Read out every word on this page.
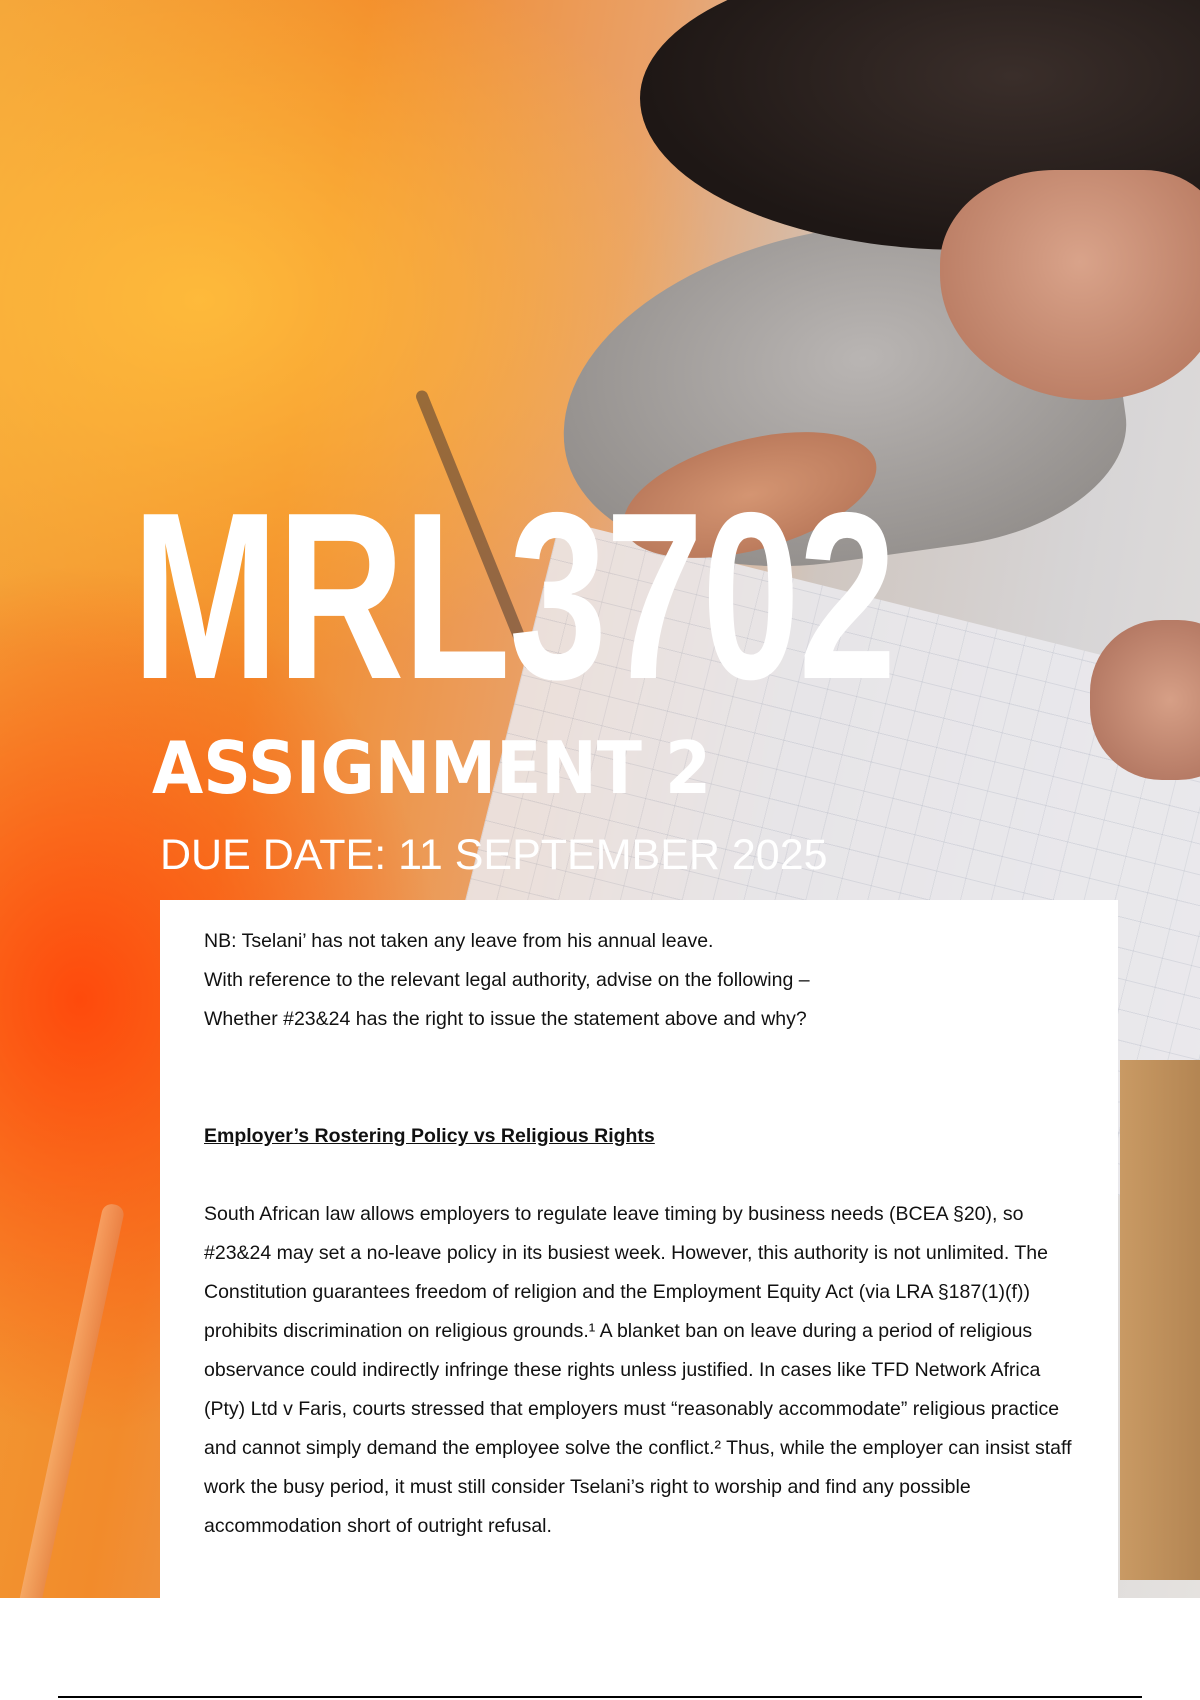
MRL3702
ASSIGNMENT 2
DUE DATE: 11 SEPTEMBER 2025

NB: Tselani’ has not taken any leave from his annual leave.

With reference to the relevant legal authority, advise on the following –

Whether #23&24 has the right to issue the statement above and why?

Employer’s Rostering Policy vs Religious Rights

South African law allows employers to regulate leave timing by business needs (BCEA §20), so #23&24 may set a no-leave policy in its busiest week. However, this authority is not unlimited. The Constitution guarantees freedom of religion and the Employment Equity Act (via LRA §187(1)(f)) prohibits discrimination on religious grounds.¹ A blanket ban on leave during a period of religious observance could indirectly infringe these rights unless justified. In cases like TFD Network Africa (Pty) Ltd v Faris, courts stressed that employers must “reasonably accommodate” religious practice and cannot simply demand the employee solve the conflict.² Thus, while the employer can insist staff work the busy period, it must still consider Tselani’s right to worship and find any possible accommodation short of outright refusal.
